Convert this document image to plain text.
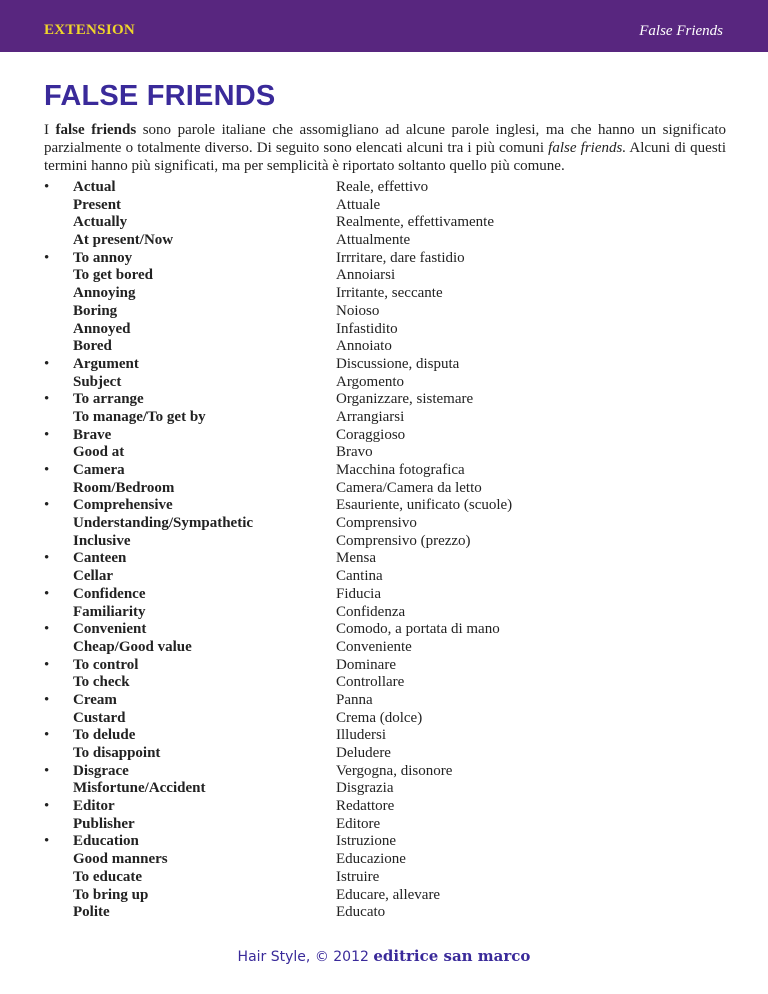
EXTENSION	False Friends
FALSE FRIENDS

I false friends sono parole italiane che assomigliano ad alcune parole inglesi, ma che hanno un significato parzialmente o totalmente diverso. Di seguito sono elencati alcuni tra i più comuni false friends. Alcuni di questi termini hanno più significati, ma per semplicità è riportato soltanto quello più comune.

•	Actual	Reale, effettivo
Present	Attuale
Actually	Realmente, effettivamente
At present/Now	Attualmente
•	To annoy	Irrritare, dare fastidio
To get bored	Annoiarsi
Annoying	Irritante, seccante
Boring	Noioso
Annoyed	Infastidito
Bored	Annoiato
•	Argument	Discussione, disputa
Subject	Argomento
•	To arrange	Organizzare, sistemare
To manage/To get by	Arrangiarsi
•	Brave	Coraggioso
Good at	Bravo
•	Camera	Macchina fotografica
Room/Bedroom	Camera/Camera da letto
•	Comprehensive	Esauriente, unificato (scuole)
Understanding/Sympathetic	Comprensivo
Inclusive	Comprensivo (prezzo)
•	Canteen	Mensa
Cellar	Cantina
•	Confidence	Fiducia
Familiarity	Confidenza
•	Convenient	Comodo, a portata di mano
Cheap/Good value	Conveniente
•	To control	Dominare
To check	Controllare
•	Cream	Panna
Custard	Crema (dolce)
•	To delude	Illudersi
To disappoint	Deludere
•	Disgrace	Vergogna, disonore
Misfortune/Accident	Disgrazia
•	Editor	Redattore
Publisher	Editore
•	Education	Istruzione
Good manners	Educazione
To educate	Istruire
To bring up	Educare, allevare
Polite	Educato
Hair Style, © 2012 editrice san marco
